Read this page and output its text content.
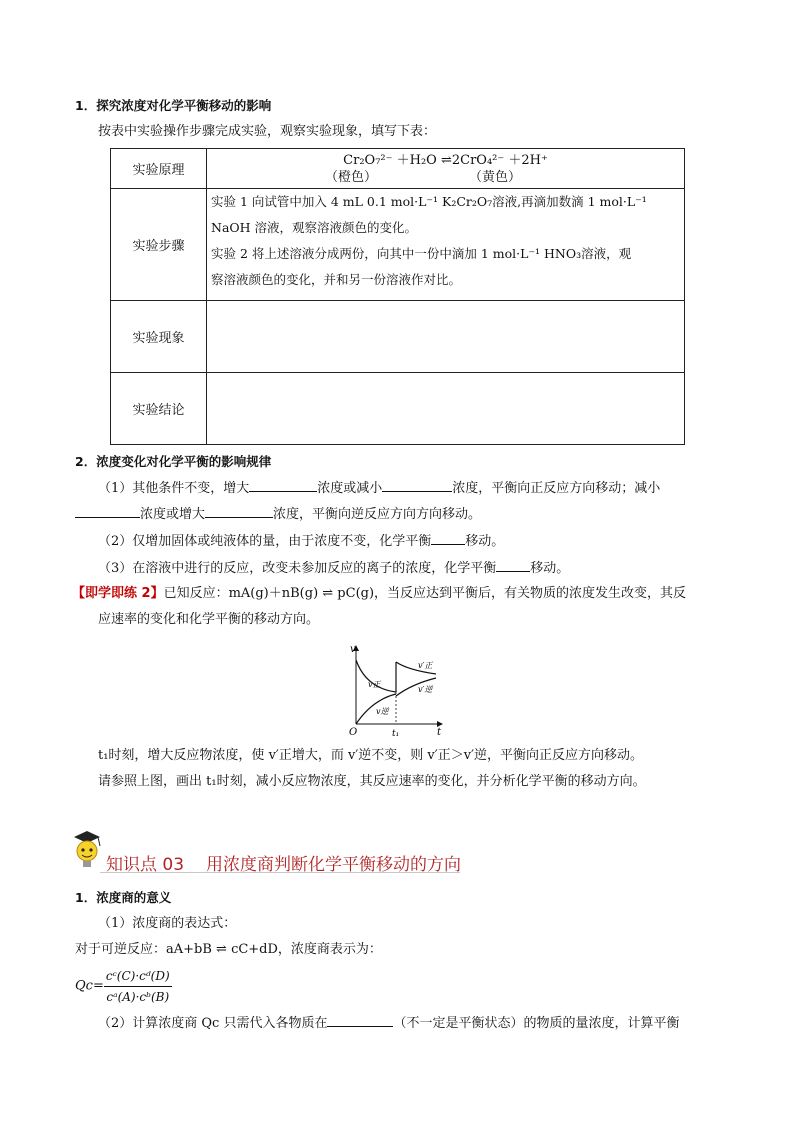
1．探究浓度对化学平衡移动的影响
按表中实验操作步骤完成实验，观察实验现象，填写下表：
实验原理	Cr₂O₇²⁻ ＋H₂O ⇌2CrO₄²⁻ ＋2H⁺
（橙色） （黄色）

实验步骤	实验 1 向试管中加入 4 mL 0.1 mol·L⁻¹ K₂Cr₂O₇溶液,再滴加数滴 1 mol·L⁻¹
NaOH 溶液，观察溶液颜色的变化。
实验 2 将上述溶液分成两份，向其中一份中滴加 1 mol·L⁻¹ HNO₃溶液，观
察溶液颜色的变化，并和另一份溶液作对比。

实验现象	
实验结论	
2．浓度变化对化学平衡的影响规律
（1）其他条件不变，增大	浓度或减小	浓度，平衡向正反应方向移动；减小
浓度或增大	浓度，平衡向逆反应方向方向移动。
（2）仅增加固体或纯液体的量，由于浓度不变，化学平衡	移动。
（3）在溶液中进行的反应，改变未参加反应的离子的浓度，化学平衡	移动。
【即学即练 2】已知反应：mA(g)＋nB(g) ⇌ pC(g)，当反应达到平衡后，有关物质的浓度发生改变，其反
应速率的变化和化学平衡的移动方向。
v
t
O	t₁
v正
v逆
v′正
v′逆
t₁时刻，增大反应物浓度，使 v′正增大，而 v′逆不变，则 v′正＞v′逆，平衡向正反应方向移动。
请参照上图，画出 t₁时刻，减小反应物浓度，其反应速率的变化，并分析化学平衡的移动方向。
知识点 03 用浓度商判断化学平衡移动的方向
1．浓度商的意义
（1）浓度商的表达式：
对于可逆反应：aA+bB ⇌ cC+dD，浓度商表示为：
$Qc= \frac{\text{cᶜ(C)·cᵈ(D)}}{\text{cᵃ(A)·cᵇ(B)}}$
（2）计算浓度商 Qc 只需代入各物质在	（不一定是平衡状态）的物质的量浓度，计算平衡
